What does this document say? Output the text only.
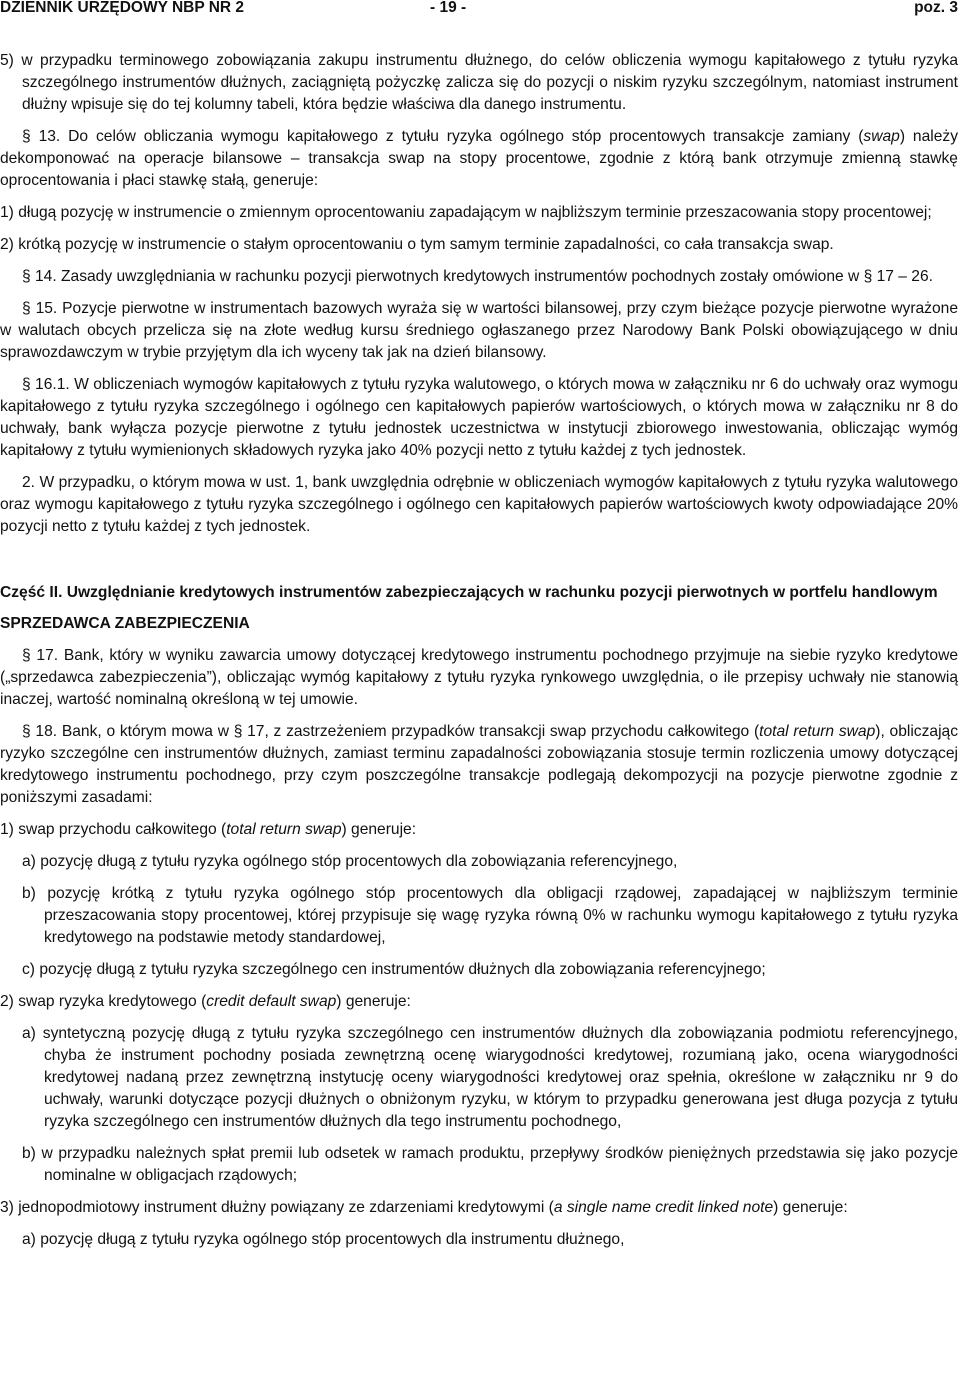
DZIENNIK URZĘDOWY NBP NR 2	- 19 -	poz. 3

5) w przypadku terminowego zobowiązania zakupu instrumentu dłużnego, do celów obliczenia wymogu kapitałowego z tytułu ryzyka szczególnego instrumentów dłużnych, zaciągniętą pożyczkę zalicza się do pozycji o niskim ryzyku szczególnym, natomiast instrument dłużny wpisuje się do tej kolumny tabeli, która będzie właściwa dla danego instrumentu.

§ 13. Do celów obliczania wymogu kapitałowego z tytułu ryzyka ogólnego stóp procentowych transakcje zamiany (swap) należy dekomponować na operacje bilansowe – transakcja swap na stopy procentowe, zgodnie z którą bank otrzymuje zmienną stawkę oprocentowania i płaci stawkę stałą, generuje:

1) długą pozycję w instrumencie o zmiennym oprocentowaniu zapadającym w najbliższym terminie przeszacowania stopy procentowej;

2) krótką pozycję w instrumencie o stałym oprocentowaniu o tym samym terminie zapadalności, co cała transakcja swap.

§ 14. Zasady uwzględniania w rachunku pozycji pierwotnych kredytowych instrumentów pochodnych zostały omówione w § 17 – 26.

§ 15. Pozycje pierwotne w instrumentach bazowych wyraża się w wartości bilansowej, przy czym bieżące pozycje pierwotne wyrażone w walutach obcych przelicza się na złote według kursu średniego ogłaszanego przez Narodowy Bank Polski obowiązującego w dniu sprawozdawczym w trybie przyjętym dla ich wyceny tak jak na dzień bilansowy.

§ 16.1. W obliczeniach wymogów kapitałowych z tytułu ryzyka walutowego, o których mowa w załączniku nr 6 do uchwały oraz wymogu kapitałowego z tytułu ryzyka szczególnego i ogólnego cen kapitałowych papierów wartościowych, o których mowa w załączniku nr 8 do uchwały, bank wyłącza pozycje pierwotne z tytułu jednostek uczestnictwa w instytucji zbiorowego inwestowania, obliczając wymóg kapitałowy z tytułu wymienionych składowych ryzyka jako 40% pozycji netto z tytułu każdej z tych jednostek.

2. W przypadku, o którym mowa w ust. 1, bank uwzględnia odrębnie w obliczeniach wymogów kapitałowych z tytułu ryzyka walutowego oraz wymogu kapitałowego z tytułu ryzyka szczególnego i ogólnego cen kapitałowych papierów wartościowych kwoty odpowiadające 20% pozycji netto z tytułu każdej z tych jednostek.

Część II. Uwzględnianie kredytowych instrumentów zabezpieczających w rachunku pozycji pierwotnych w portfelu handlowym

SPRZEDAWCA ZABEZPIECZENIA

§ 17. Bank, który w wyniku zawarcia umowy dotyczącej kredytowego instrumentu pochodnego przyjmuje na siebie ryzyko kredytowe („sprzedawca zabezpieczenia”), obliczając wymóg kapitałowy z tytułu ryzyka rynkowego uwzględnia, o ile przepisy uchwały nie stanowią inaczej, wartość nominalną określoną w tej umowie.

§ 18. Bank, o którym mowa w § 17, z zastrzeżeniem przypadków transakcji swap przychodu całkowitego (total return swap), obliczając ryzyko szczególne cen instrumentów dłużnych, zamiast terminu zapadalności zobowiązania stosuje termin rozliczenia umowy dotyczącej kredytowego instrumentu pochodnego, przy czym poszczególne transakcje podlegają dekompozycji na pozycje pierwotne zgodnie z poniższymi zasadami:

1) swap przychodu całkowitego (total return swap) generuje:

a) pozycję długą z tytułu ryzyka ogólnego stóp procentowych dla zobowiązania referencyjnego,

b) pozycję krótką z tytułu ryzyka ogólnego stóp procentowych dla obligacji rządowej, zapadającej w najbliższym terminie przeszacowania stopy procentowej, której przypisuje się wagę ryzyka równą 0% w rachunku wymogu kapitałowego z tytułu ryzyka kredytowego na podstawie metody standardowej,

c) pozycję długą z tytułu ryzyka szczególnego cen instrumentów dłużnych dla zobowiązania referencyjnego;

2) swap ryzyka kredytowego (credit default swap) generuje:

a) syntetyczną pozycję długą z tytułu ryzyka szczególnego cen instrumentów dłużnych dla zobowiązania podmiotu referencyjnego, chyba że instrument pochodny posiada zewnętrzną ocenę wiarygodności kredytowej, rozumianą jako, ocena wiarygodności kredytowej nadaną przez zewnętrzną instytucję oceny wiarygodności kredytowej oraz spełnia, określone w załączniku nr 9 do uchwały, warunki dotyczące pozycji dłużnych o obniżonym ryzyku, w którym to przypadku generowana jest długa pozycja z tytułu ryzyka szczególnego cen instrumentów dłużnych dla tego instrumentu pochodnego,

b) w przypadku należnych spłat premii lub odsetek w ramach produktu, przepływy środków pieniężnych przedstawia się jako pozycje nominalne w obligacjach rządowych;

3) jednopodmiotowy instrument dłużny powiązany ze zdarzeniami kredytowymi (a single name credit linked note) generuje:

a) pozycję długą z tytułu ryzyka ogólnego stóp procentowych dla instrumentu dłużnego,
